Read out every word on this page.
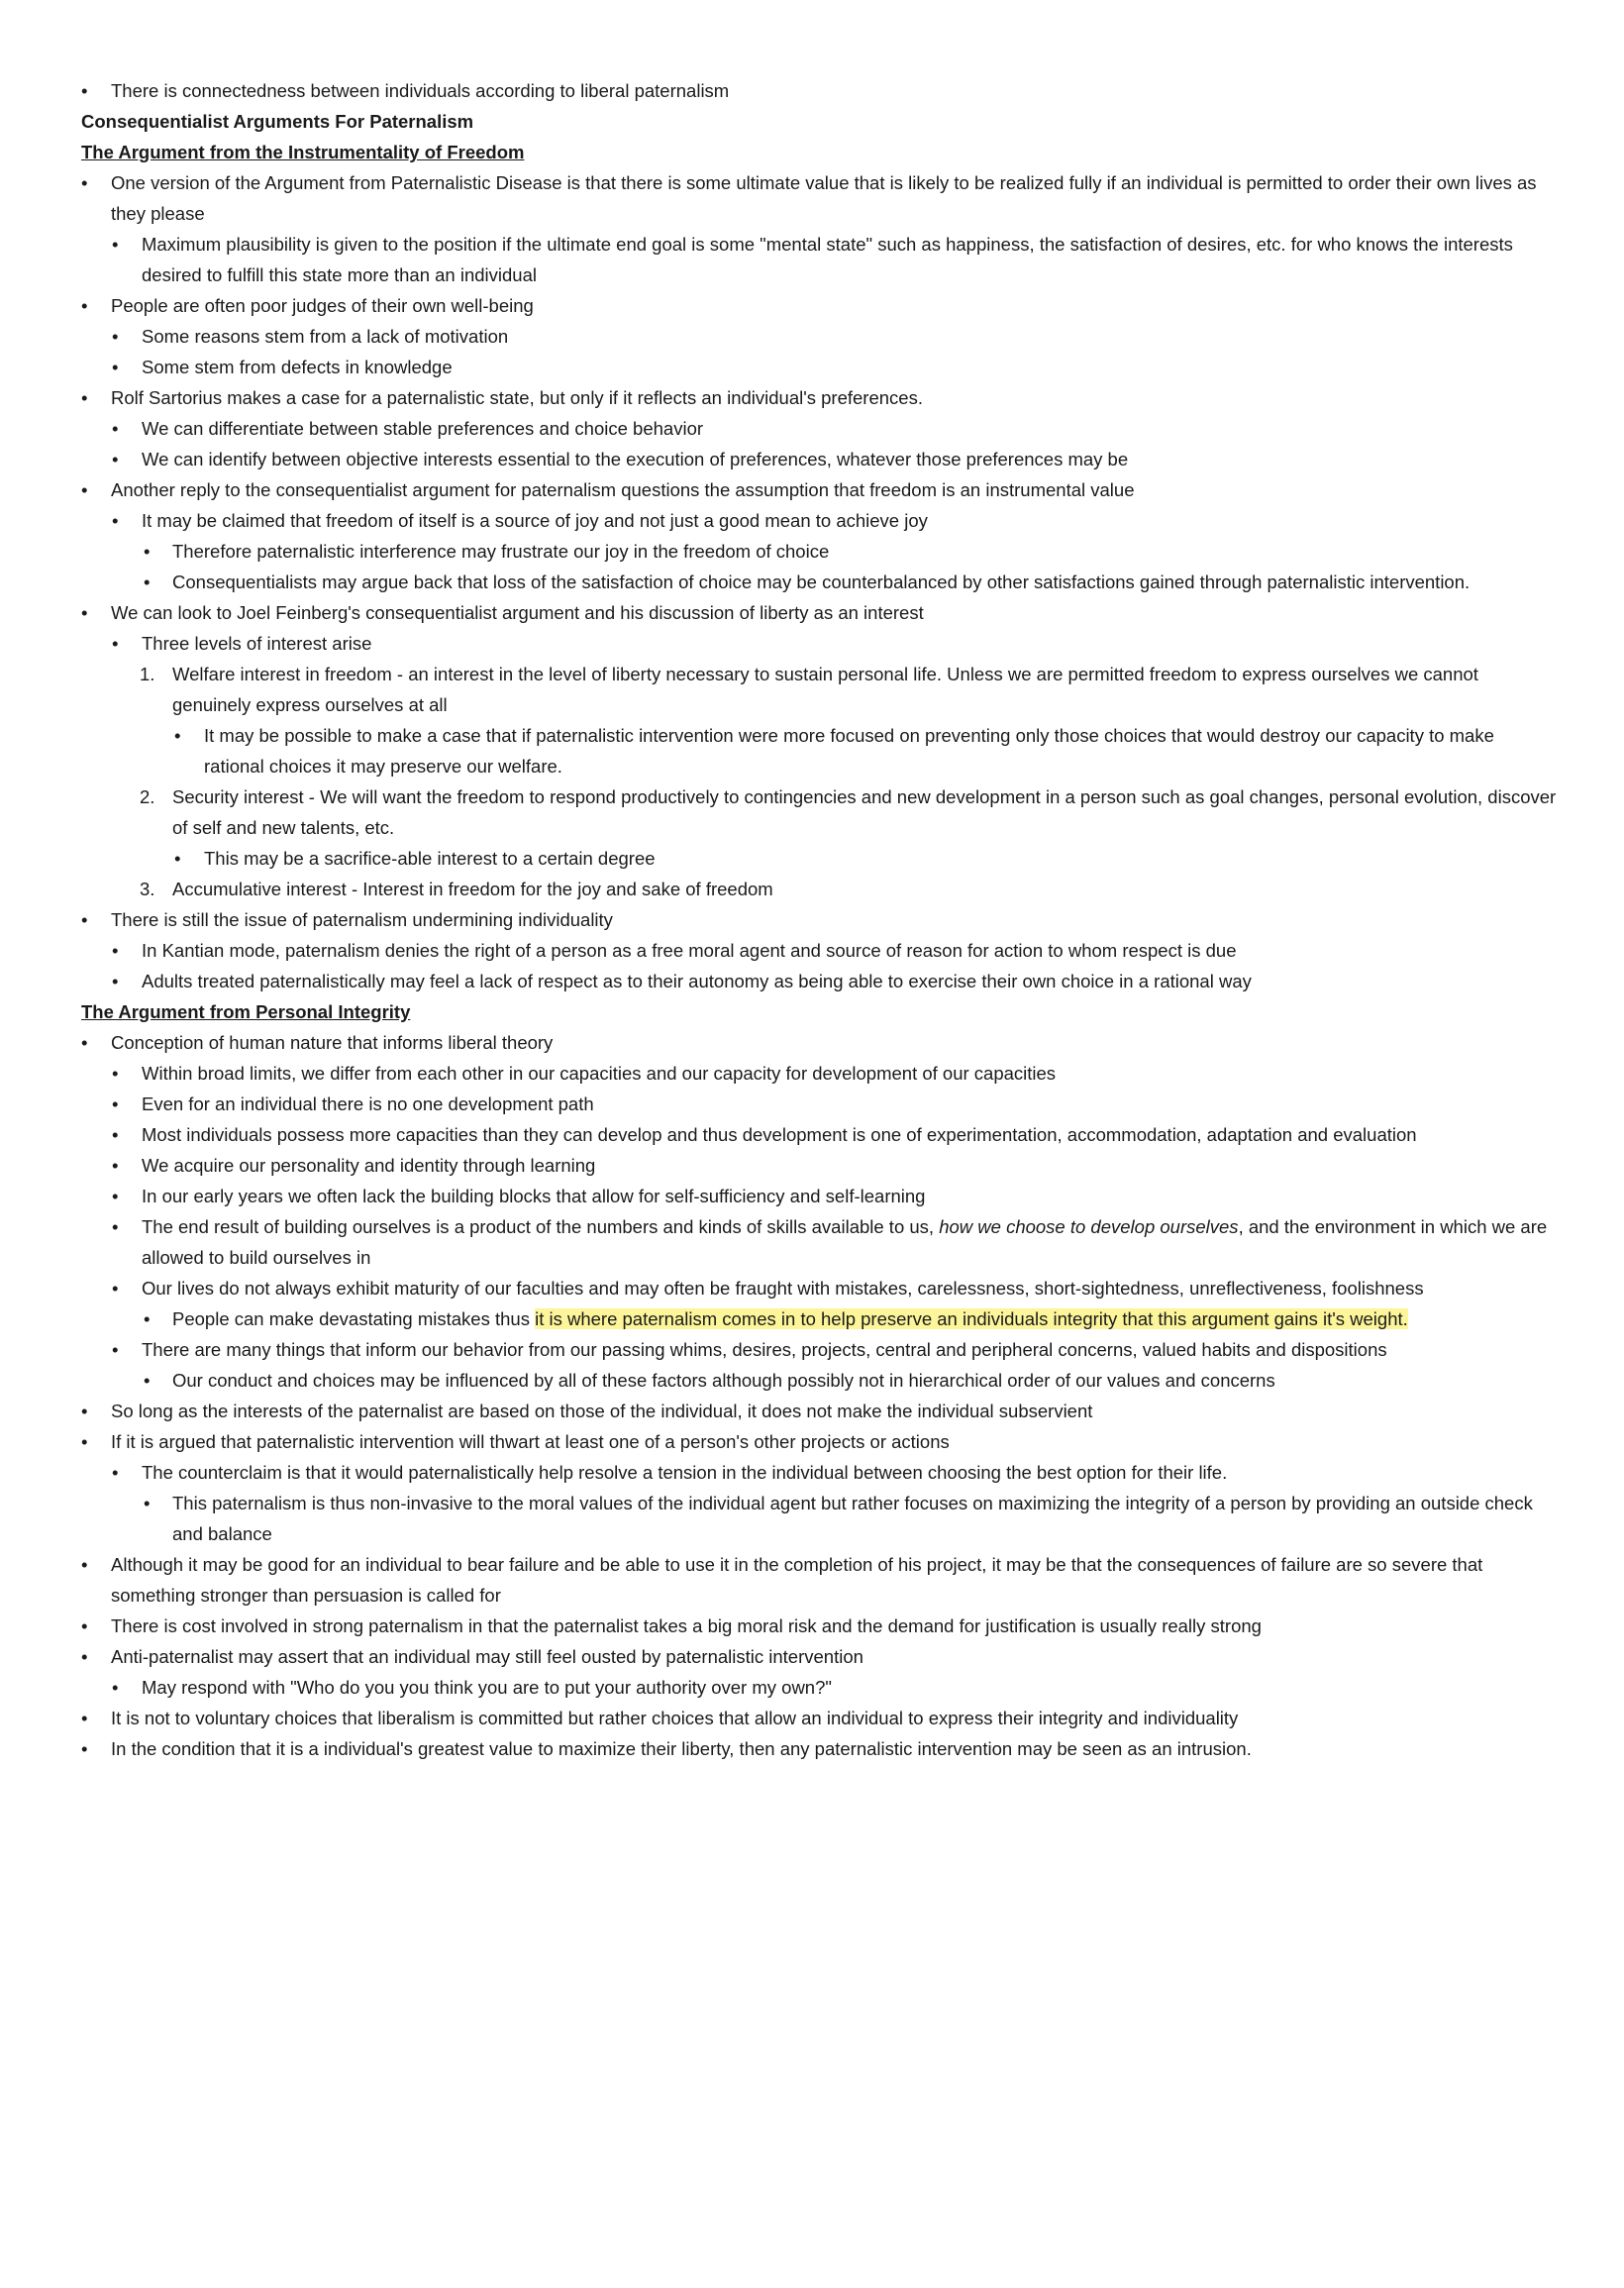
• There is connectedness between individuals according to liberal paternalism

Consequentialist Arguments For Paternalism

The Argument from the Instrumentality of Freedom

• One version of the Argument from Paternalistic Disease is that there is some ultimate value that is likely to be realized fully if an individual is permitted to order their own lives as they please

• Maximum plausibility is given to the position if the ultimate end goal is some "mental state" such as happiness, the satisfaction of desires, etc. for who knows the interests desired to fulfill this state more than an individual

• People are often poor judges of their own well-being

• Some reasons stem from a lack of motivation

• Some stem from defects in knowledge

• Rolf Sartorius makes a case for a paternalistic state, but only if it reflects an individual's preferences.

• We can differentiate between stable preferences and choice behavior

• We can identify between objective interests essential to the execution of preferences, whatever those preferences may be

• Another reply to the consequentialist argument for paternalism questions the assumption that freedom is an instrumental value

• It may be claimed that freedom of itself is a source of joy and not just a good mean to achieve joy

• Therefore paternalistic interference may frustrate our joy in the freedom of choice

• Consequentialists may argue back that loss of the satisfaction of choice may be counterbalanced by other satisfactions gained through paternalistic intervention.

• We can look to Joel Feinberg's consequentialist argument and his discussion of liberty as an interest

• Three levels of interest arise

1. Welfare interest in freedom - an interest in the level of liberty necessary to sustain personal life. Unless we are permitted freedom to express ourselves we cannot genuinely express ourselves at all

• It may be possible to make a case that if paternalistic intervention were more focused on preventing only those choices that would destroy our capacity to make rational choices it may preserve our welfare.

2. Security interest - We will want the freedom to respond productively to contingencies and new development in a person such as goal changes, personal evolution, discover of self and new talents, etc.

• This may be a sacrifice-able interest to a certain degree

3. Accumulative interest - Interest in freedom for the joy and sake of freedom

• There is still the issue of paternalism undermining individuality

• In Kantian mode, paternalism denies the right of a person as a free moral agent and source of reason for action to whom respect is due

• Adults treated paternalistically may feel a lack of respect as to their autonomy as being able to exercise their own choice in a rational way

The Argument from Personal Integrity

• Conception of human nature that informs liberal theory

• Within broad limits, we differ from each other in our capacities and our capacity for development of our capacities

• Even for an individual there is no one development path

• Most individuals possess more capacities than they can develop and thus development is one of experimentation, accommodation, adaptation and evaluation

• We acquire our personality and identity through learning

• In our early years we often lack the building blocks that allow for self-sufficiency and self-learning

• The end result of building ourselves is a product of the numbers and kinds of skills available to us, how we choose to develop ourselves, and the environment in which we are allowed to build ourselves in

• Our lives do not always exhibit maturity of our faculties and may often be fraught with mistakes, carelessness, short-sightedness, unreflectiveness, foolishness

• People can make devastating mistakes thus it is where paternalism comes in to help preserve an individuals integrity that this argument gains it's weight.

• There are many things that inform our behavior from our passing whims, desires, projects, central and peripheral concerns, valued habits and dispositions

• Our conduct and choices may be influenced by all of these factors although possibly not in hierarchical order of our values and concerns

• So long as the interests of the paternalist are based on those of the individual, it does not make the individual subservient

• If it is argued that paternalistic intervention will thwart at least one of a person's other projects or actions

• The counterclaim is that it would paternalistically help resolve a tension in the individual between choosing the best option for their life.

• This paternalism is thus non-invasive to the moral values of the individual agent but rather focuses on maximizing the integrity of a person by providing an outside check and balance

• Although it may be good for an individual to bear failure and be able to use it in the completion of his project, it may be that the consequences of failure are so severe that something stronger than persuasion is called for

• There is cost involved in strong paternalism in that the paternalist takes a big moral risk and the demand for justification is usually really strong

• Anti-paternalist may assert that an individual may still feel ousted by paternalistic intervention

• May respond with "Who do you you think you are to put your authority over my own?"

• It is not to voluntary choices that liberalism is committed but rather choices that allow an individual to express their integrity and individuality

• In the condition that it is a individual's greatest value to maximize their liberty, then any paternalistic intervention may be seen as an intrusion.
